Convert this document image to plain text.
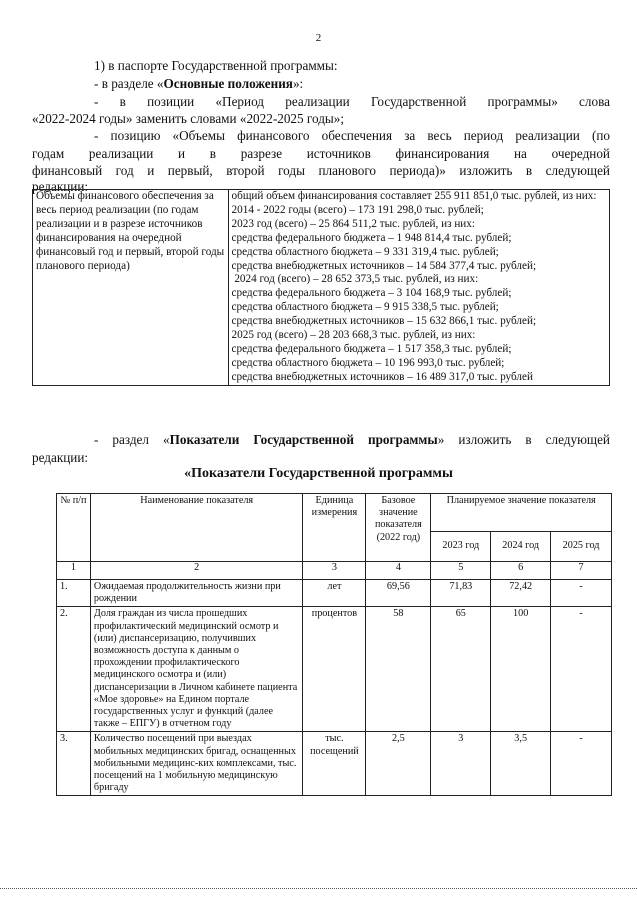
2
1) в паспорте Государственной программы:
- в разделе «Основные положения»:
- в позиции «Период реализации Государственной программы» слова
«2022-2024 годы» заменить словами «2022-2025 годы»;
- позицию «Объемы финансового обеспечения за весь период реализации (по
годам реализации и в разрезе источников финансирования на очередной
финансовый год и первый, второй годы планового периода)» изложить в следующей
редакции:
Объемы финансового обеспечения за весь период реализации (по годам реализации и в разрезе источников финансирования на очередной финансовый год и первый, второй годы планового периода)	
общий объем финансирования составляет 255 911 851,0 тыс. рублей, из них:
2014 - 2022 годы (всего) – 173 191 298,0 тыс. рублей;
2023 год (всего) – 25 864 511,2 тыс. рублей, из них:
средства федерального бюджета – 1 948 814,4 тыс. рублей;
средства областного бюджета – 9 331 319,4 тыс. рублей;
средства внебюджетных источников – 14 584 377,4 тыс. рублей;
2024 год (всего) – 28 652 373,5 тыс. рублей, из них:
средства федерального бюджета – 3 104 168,9 тыс. рублей;
средства областного бюджета – 9 915 338,5 тыс. рублей;
средства внебюджетных источников – 15 632 866,1 тыс. рублей;
2025 год (всего) – 28 203 668,3 тыс. рублей, из них:
средства федерального бюджета – 1 517 358,3 тыс. рублей;
средства областного бюджета – 10 196 993,0 тыс. рублей;
средства внебюджетных источников – 16 489 317,0 тыс. рублей
- раздел «Показатели Государственной программы» изложить в следующей
редакции:
«Показатели Государственной программы
№ п/п	Наименование показателя	Единица измерения	Базовое значение показателя (2022 год)	Планируемое значение показателя		
				2023 год	2024 год	2025 год
1	2	3	4	5	6	7
1.	Ожидаемая продолжительность жизни при рождении	лет	69,56	71,83	72,42	-
2.	Доля граждан из числа прошедших профилактический медицинский осмотр и (или) диспансеризацию, получивших возможность доступа к данным о прохождении профилактического медицинского осмотра и (или) диспансеризации в Личном кабинете пациента «Мое здоровье» на Едином портале государственных услуг и функций (далее также – ЕПГУ) в отчетном году	процентов	58	65	100	-
3.	Количество посещений при выездах мобильных медицинских бригад, оснащенных мобильными медицинс-ких комплексами, тыс. посещений на 1 мобильную медицинскую бригаду	тыс. посещений	2,5	3	3,5	-
